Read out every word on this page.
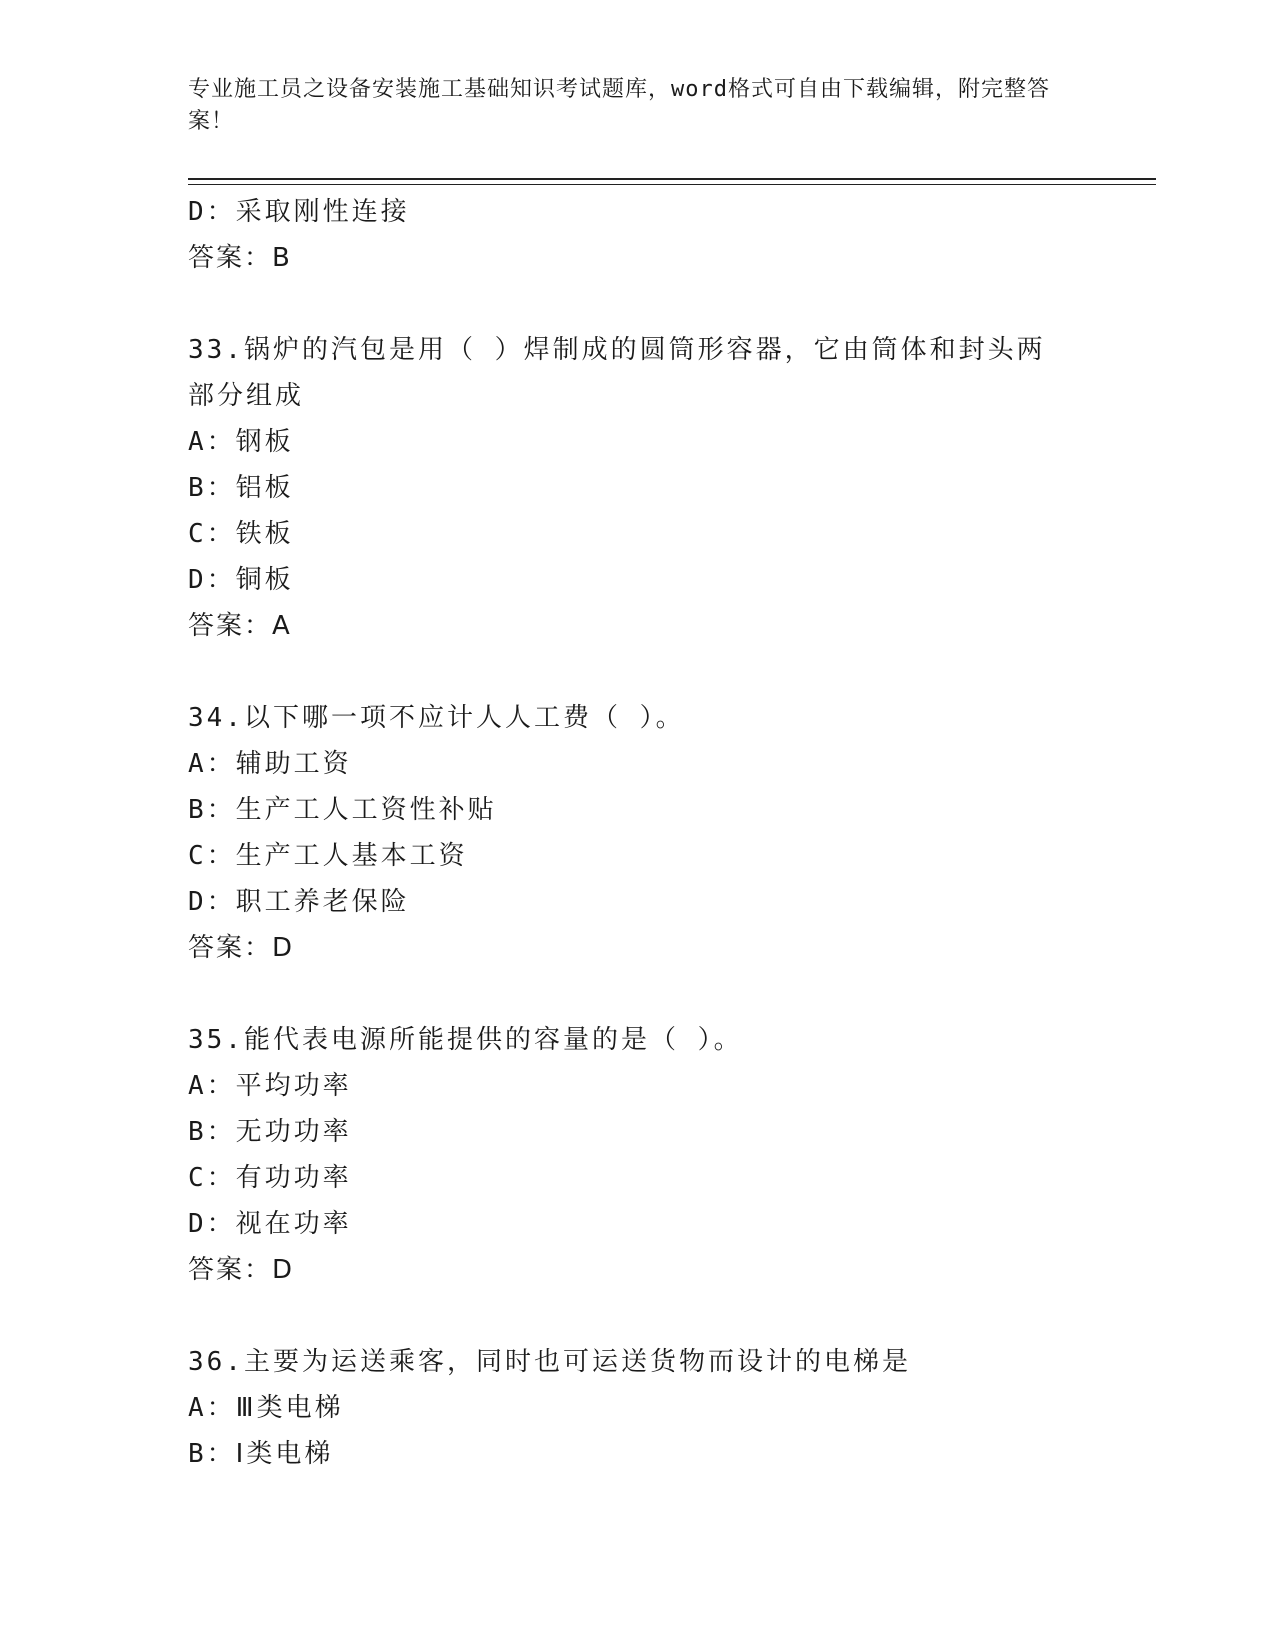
专业施工员之设备安装施工基础知识考试题库，word格式可自由下载编辑，附完整答案！

D：采取刚性连接

答案：B

33.锅炉的汽包是用（ ）焊制成的圆筒形容器，它由筒体和封头两部分组成

A：钢板

B：铝板

C：铁板

D：铜板

答案：A

34.以下哪一项不应计人人工费（ ）。

A：辅助工资

B：生产工人工资性补贴

C：生产工人基本工资

D：职工养老保险

答案：D

35.能代表电源所能提供的容量的是（ ）。

A：平均功率

B：无功功率

C：有功功率

D：视在功率

答案：D

36.主要为运送乘客，同时也可运送货物而设计的电梯是

A：Ⅲ类电梯

B：Ⅰ类电梯
